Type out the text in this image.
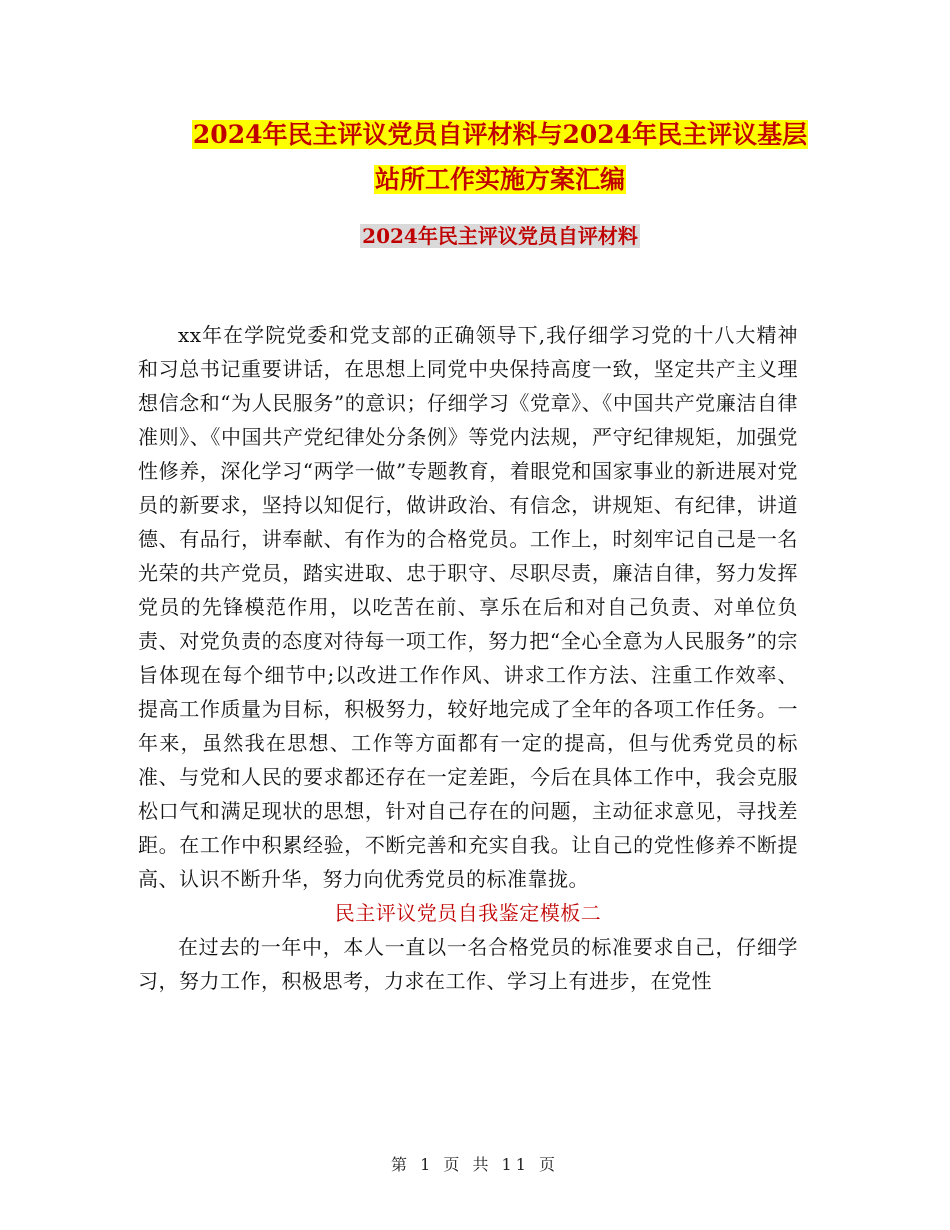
2024年民主评议党员自评材料与2024年民主评议基层
站所工作实施方案汇编
2024年民主评议党员自评材料

xx年在学院党委和党支部的正确领导下,我仔细学习党的十八大精神和习总书记重要讲话，在思想上同党中央保持高度一致，坚定共产主义理想信念和“为人民服务”的意识；仔细学习《党章》、《中国共产党廉洁自律准则》、《中国共产党纪律处分条例》等党内法规，严守纪律规矩，加强党性修养，深化学习“两学一做”专题教育，着眼党和国家事业的新进展对党员的新要求，坚持以知促行，做讲政治、有信念，讲规矩、有纪律，讲道德、有品行，讲奉献、有作为的合格党员。工作上，时刻牢记自己是一名光荣的共产党员，踏实进取、忠于职守、尽职尽责，廉洁自律，努力发挥党员的先锋模范作用，以吃苦在前、享乐在后和对自己负责、对单位负责、对党负责的态度对待每一项工作，努力把“全心全意为人民服务”的宗旨体现在每个细节中;以改进工作作风、讲求工作方法、注重工作效率、提高工作质量为目标，积极努力，较好地完成了全年的各项工作任务。一年来，虽然我在思想、工作等方面都有一定的提高，但与优秀党员的标准、与党和人民的要求都还存在一定差距，今后在具体工作中，我会克服松口气和满足现状的思想，针对自己存在的问题，主动征求意见，寻找差距。在工作中积累经验，不断完善和充实自我。让自己的党性修养不断提高、认识不断升华，努力向优秀党员的标准靠拢。

民主评议党员自我鉴定模板二

在过去的一年中，本人一直以一名合格党员的标准要求自己，仔细学习，努力工作，积极思考，力求在工作、学习上有进步，在党性

第 1 页 共 11 页
